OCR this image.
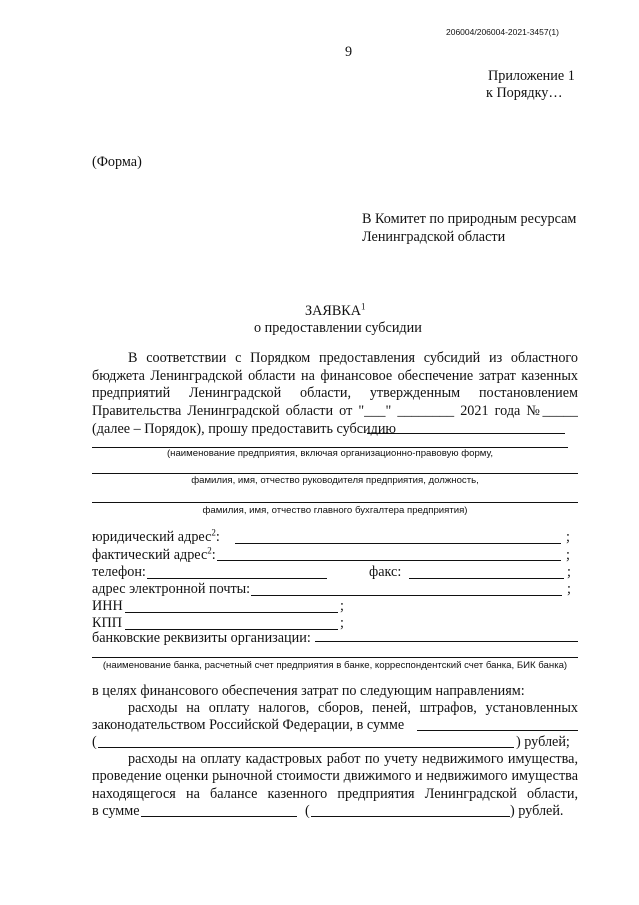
206004/206004-2021-3457(1)
9
Приложение 1
к Порядку…
(Форма)
В Комитет по природным ресурсам
Ленинградской области
ЗАЯВКА$^1$
о предоставлении субсидии
В соответствии с Порядком предоставления субсидий из областного
бюджета Ленинградской области на финансовое обеспечение затрат казенных
предприятий Ленинградской области, утвержденным постановлением
Правительства Ленинградской области от "___" ________ 2021 года №_____
(далее – Порядок), прошу предоставить субсидию
(наименование предприятия, включая организационно-правовую форму,
фамилия, имя, отчество руководителя предприятия, должность,
фамилия, имя, отчество главного бухгалтера предприятия)
юридический адрес$^2$:	;
фактический адрес$^2$:	;
телефон:	факс:	;
адрес электронной почты:	;
ИНН	;
КПП	;
банковские реквизиты организации:
(наименование банка, расчетный счет предприятия в банке, корреспондентский счет банка, БИК банка)
в целях финансового обеспечения затрат по следующим направлениям:
расходы на оплату налогов, сборов, пеней, штрафов, установленных
законодательством Российской Федерации, в сумме
(	) рублей;
расходы на оплату кадастровых работ по учету недвижимого имущества,
проведение оценки рыночной стоимости движимого и недвижимого имущества
находящегося на балансе казенного предприятия Ленинградской области,
в сумме	(	) рублей.
